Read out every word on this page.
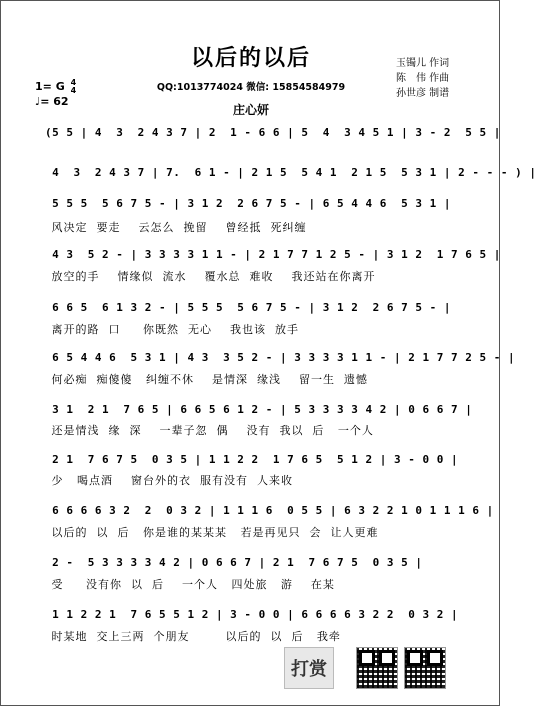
以后的以后
QQ:1013774024 微信: 15854584979
玉镯儿 作词
陈　伟 作曲
孙世彦 制谱
1= G 4
4
♩= 62
庄心妍
(5 5 | 4  3  2 4 3 7 | 2  1 - 6 6 | 5  4  3 4 5 1 | 3 - 2  5 5 |
4  3  2 4 3 7 | 7.  6 1 - | 2 1 5  5 4 1  2 1 5  5 3 1 | 2 - - - ) |
5 5 5  5 6 7 5 - | 3 1 2  2 6 7 5 - | 6 5 4 4 6  5 3 1 |
风决定  要走    云怎么  挽留    曾经抵  死纠缠
4 3  5 2 - | 3 3 3 3 1 1 - | 2 1 7 7 1 2 5 - | 3 1 2  1 7 6 5 |
放空的手    情缘似  流水    覆水总  难收    我还站在你离开
6 6 5  6 1 3 2 - | 5 5 5  5 6 7 5 - | 3 1 2  2 6 7 5 - |
离开的路  口     你既然  无心    我也该  放手
6 5 4 4 6  5 3 1 | 4 3  3 5 2 - | 3 3 3 3 1 1 - | 2 1 7 7 2 5 - |
何必痴  痴傻傻   纠缠不休    是情深  缘浅    留一生  遗憾
3 1  2 1  7 6 5 | 6 6 5 6 1 2 - | 5 3 3 3 3 4 2 | 0 6 6 7 |
还是情浅  缘  深    一辈子忽  偶    没有  我以  后   一个人
2 1  7 6 7 5  0 3 5 | 1 1 2 2  1 7 6 5  5 1 2 | 3 - 0 0 |
少   喝点酒    窗台外的衣  服有没有  人来收
6 6 6 6 3 2  2  0 3 2 | 1 1 1 6  0 5 5 | 6 3 2 2 1 0 1 1 1 6 |
以后的  以  后   你是谁的某某某   若是再见只  会  让人更难
2 -  5 3 3 3 3 4 2 | 0 6 6 7 | 2 1  7 6 7 5  0 3 5 |
受     没有你  以  后    一个人   四处旅   游    在某
1 1 2 2 1  7 6 5 5 1 2 | 3 - 0 0 | 6 6 6 6 3 2 2  0 3 2 |
时某地  交上三两  个朋友        以后的  以  后   我牵
打赏
